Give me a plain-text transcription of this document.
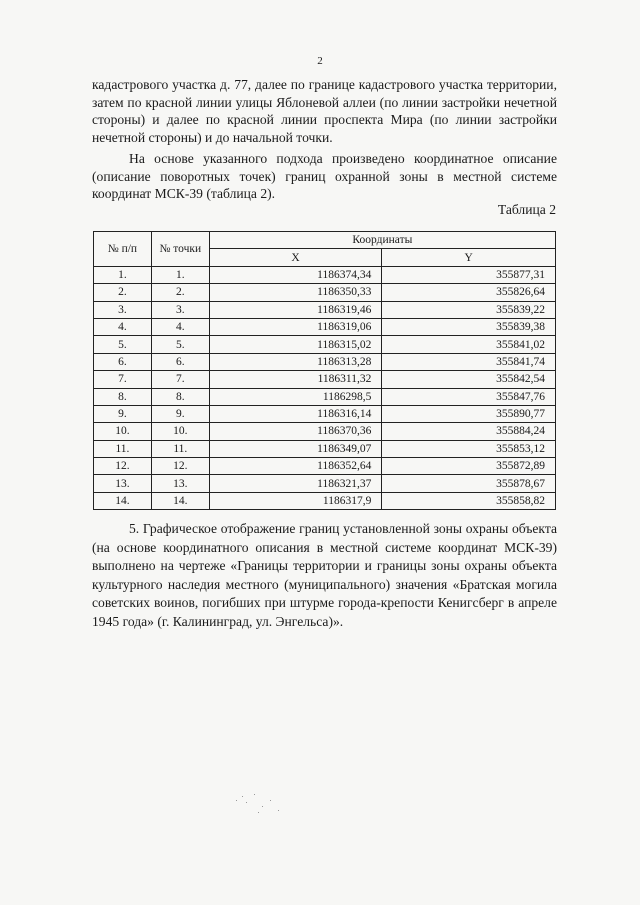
2

кадастрового участка д. 77, далее по границе кадастрового участка территории, затем по красной линии улицы Яблоневой аллеи (по линии застройки нечетной стороны) и далее по красной линии проспекта Мира (по линии застройки нечетной стороны) и до начальной точки.

На основе указанного подхода произведено координатное описание (описание поворотных точек) границ охранной зоны в местной системе координат МСК-39 (таблица 2).

Таблица 2
№ п/п	№ точки	Координаты	
		X	Y
1.	1.	1186374,34	355877,31
2.	2.	1186350,33	355826,64
3.	3.	1186319,46	355839,22
4.	4.	1186319,06	355839,38
5.	5.	1186315,02	355841,02
6.	6.	1186313,28	355841,74
7.	7.	1186311,32	355842,54
8.	8.	1186298,5	355847,76
9.	9.	1186316,14	355890,77
10.	10.	1186370,36	355884,24
11.	11.	1186349,07	355853,12
12.	12.	1186352,64	355872,89
13.	13.	1186321,37	355878,67
14.	14.	1186317,9	355858,82

5. Графическое отображение границ установленной зоны охраны объекта (на основе координатного описания в местной системе координат МСК-39) выполнено на чертеже «Границы территории и границы зоны охраны объекта культурного наследия местного (муниципального) значения «Братская могила советских воинов, погибших при штурме города-крепости Кенигсберг в апреле 1945 года» (г. Калининград, ул. Энгельса)».
